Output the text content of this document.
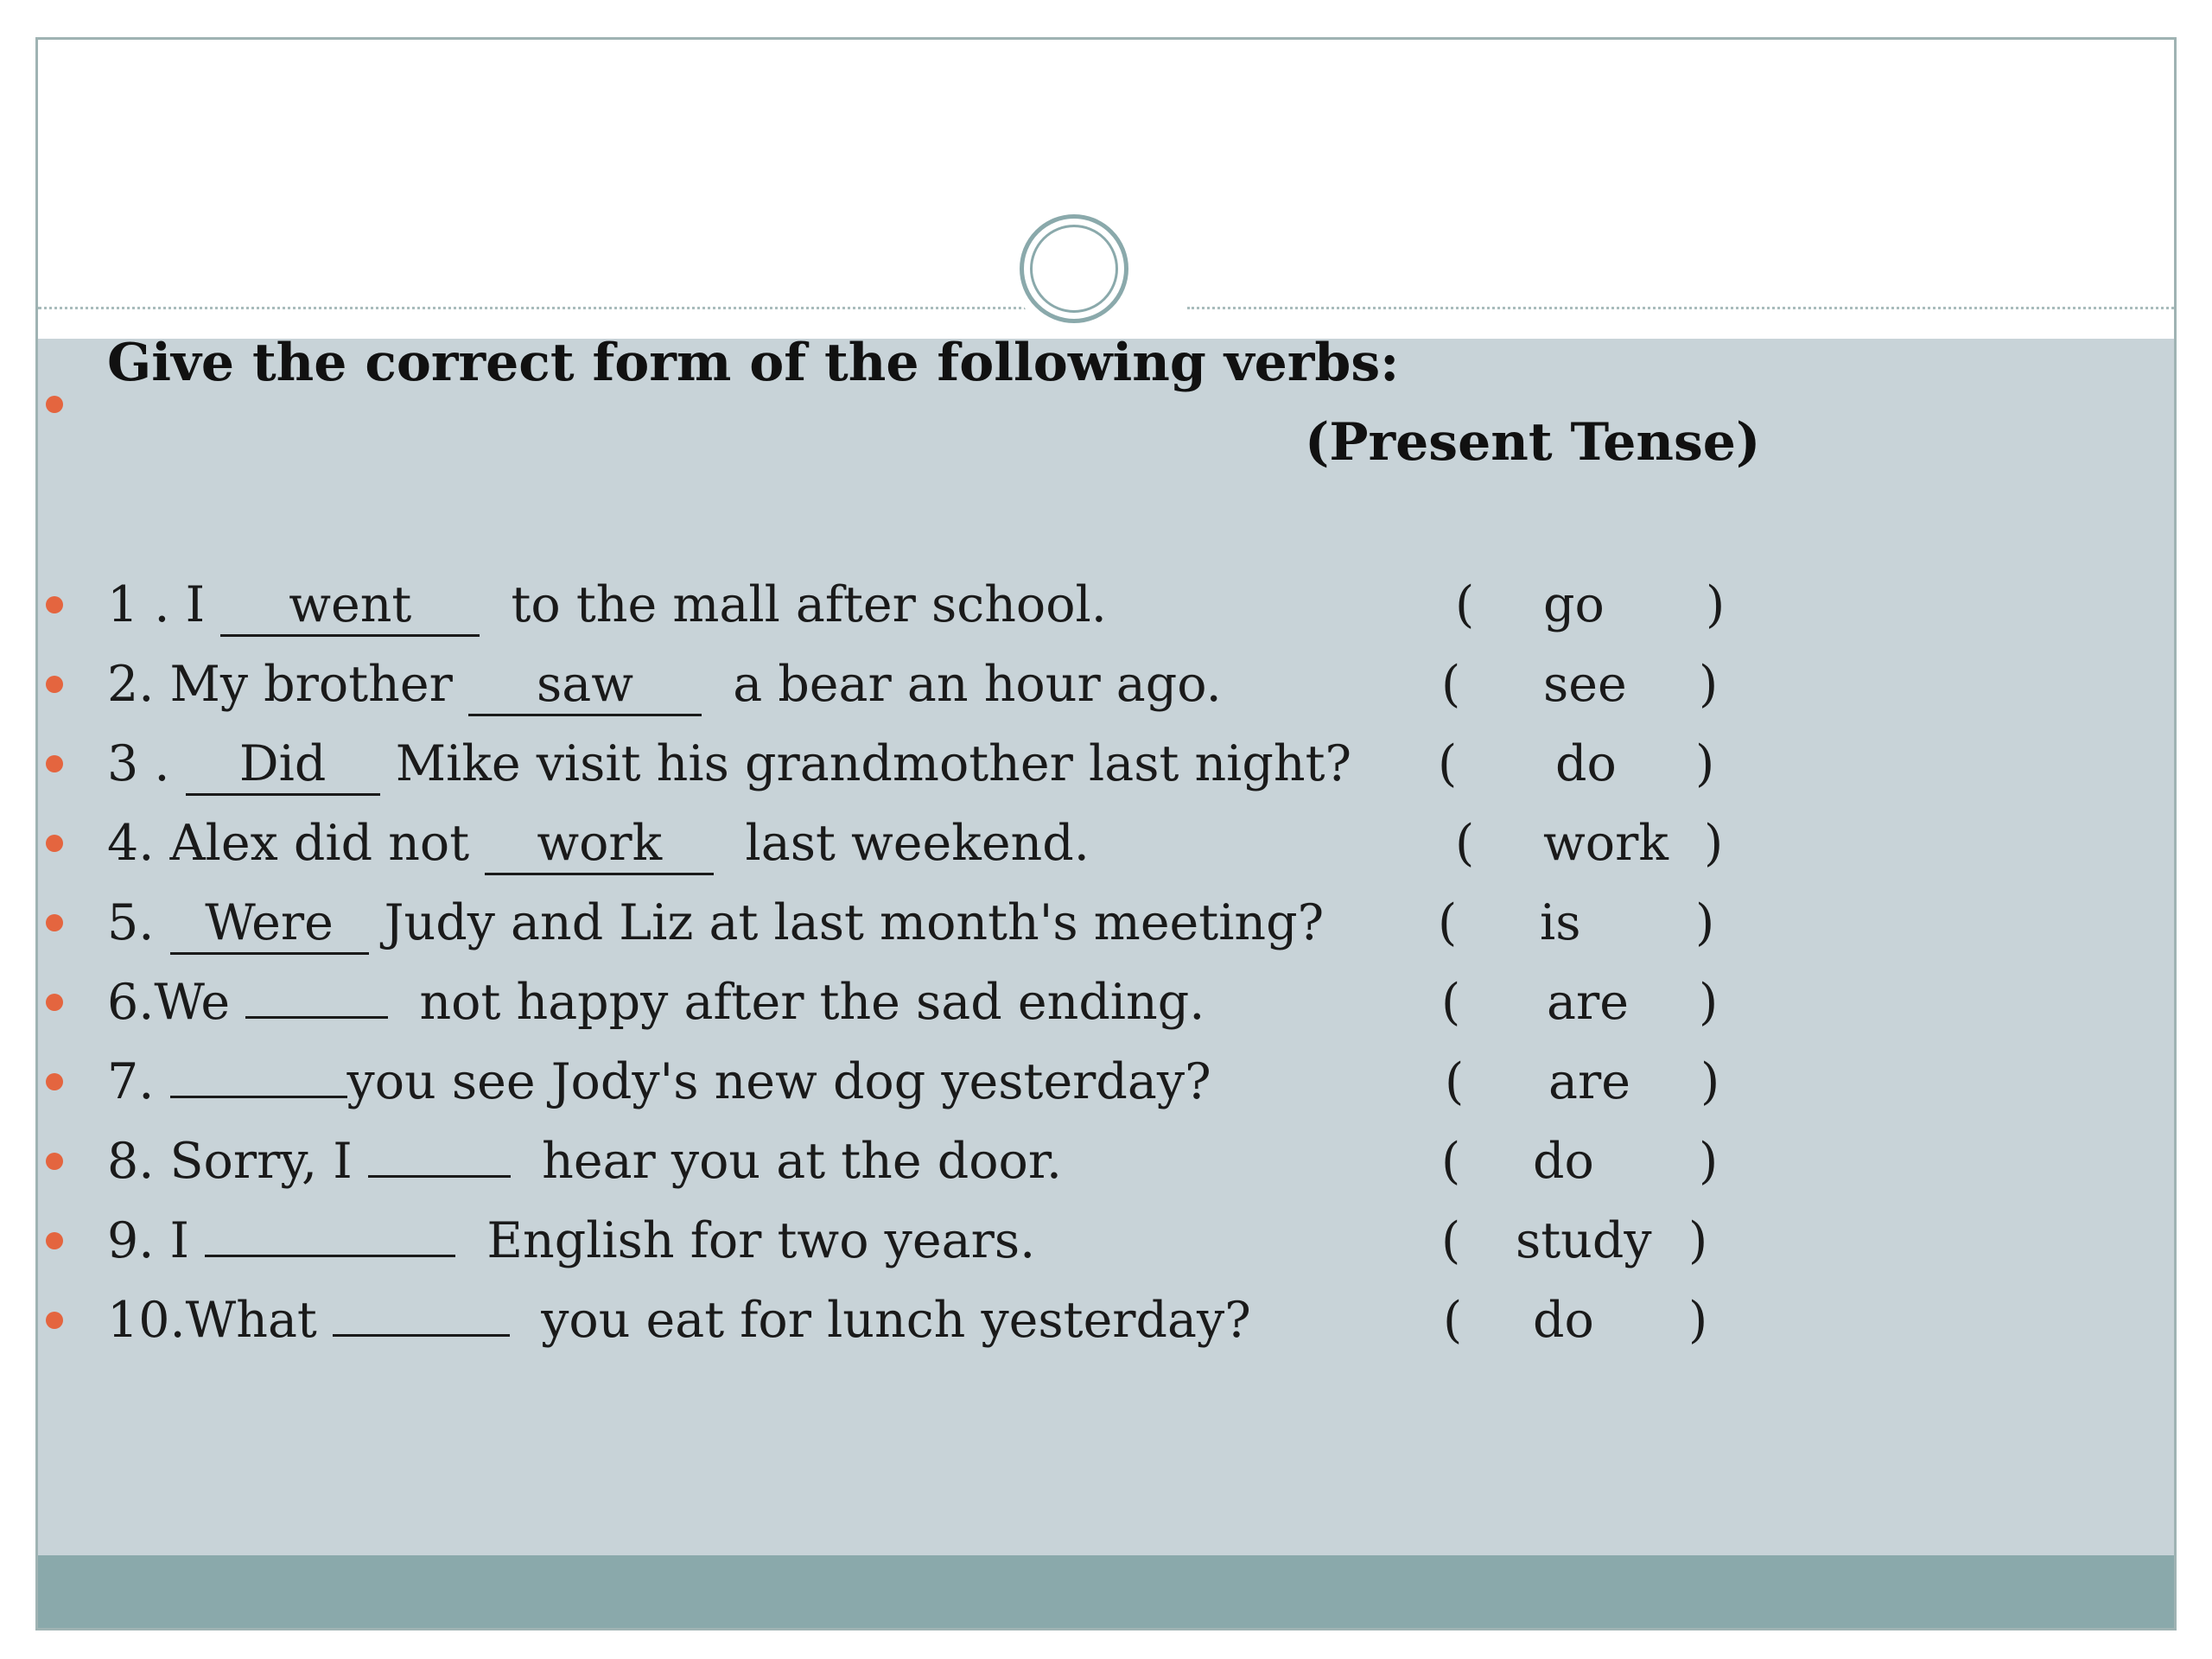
Give the correct form of the following verbs:
(Present Tense)
1 . I went to the mall after school.	( go )
2. My brother saw a bear an hour ago.	( see )
3 . Did Mike visit his grandmother last night? ( do )
4. Alex did not work last weekend.	( work )
5. Were Judy and Liz at last month's meeting? ( is )
6.We	not happy after the sad ending.	( are )
7.	you see Jody's new dog yesterday?	( are )
8. Sorry, I	hear you at the door.	( do )
9. I	English for two years.	( study )
10.What	you eat for lunch yesterday?	( do )
